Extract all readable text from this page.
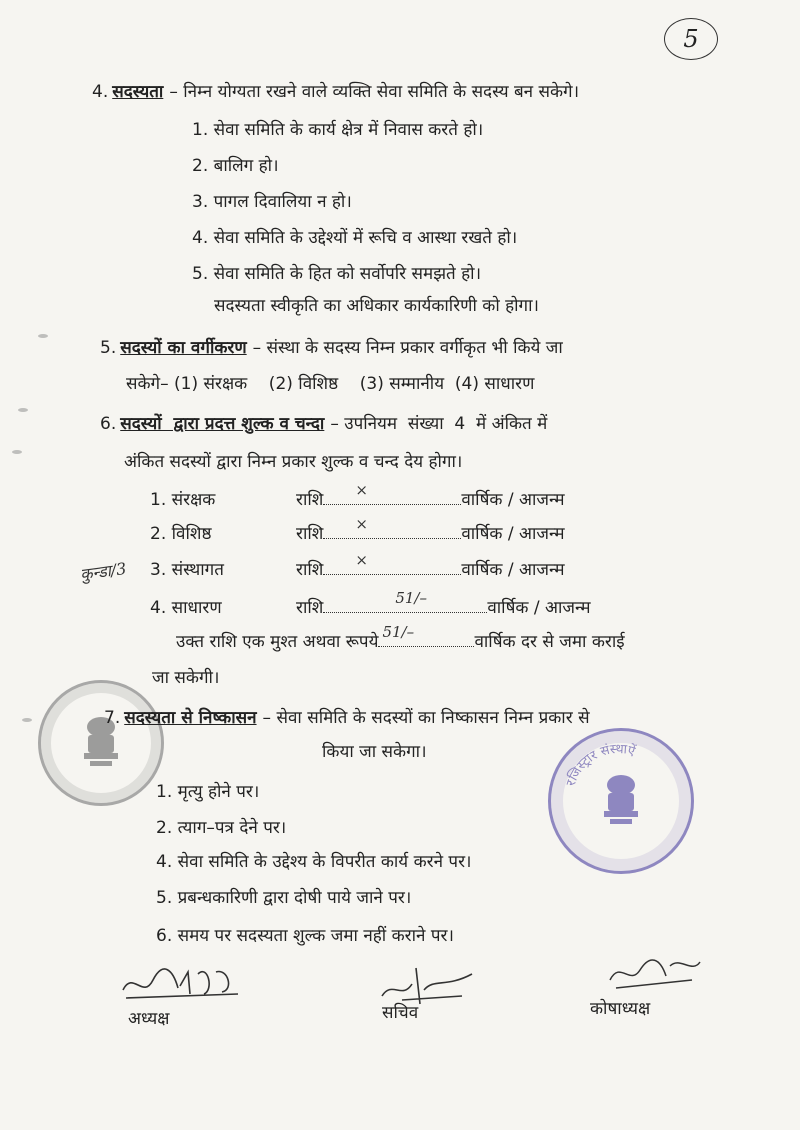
5
4. सदस्यता – निम्न योग्यता रखने वाले व्यक्ति सेवा समिति के सदस्य बन सकेगे।
1. सेवा समिति के कार्य क्षेत्र में निवास करते हो।
2. बालिग हो।
3. पागल दिवालिया न हो।
4. सेवा समिति के उद्देश्यों में रूचि व आस्था रखते हो।
5. सेवा समिति के हित को सर्वोपरि समझते हो।
सदस्यता स्वीकृति का अधिकार कार्यकारिणी को होगा।
5. सदस्यों का वर्गीकरण – संस्था के सदस्य निम्न प्रकार वर्गीकृत भी किये जा
सकेगे– (1) संरक्षक    (2) विशिष्ठ    (3) सम्मानीय  (4) साधारण
6. सदस्यों  द्वारा प्रदत्त शुल्क व चन्दा – उपनियम  संख्या  4  में अंकित में
अंकित सदस्यों द्वारा निम्न प्रकार शुल्क व चन्द देय होगा।
1. संरक्षक	राशि ×	वार्षिक / आजन्म
2. विशिष्ठ	राशि ×	वार्षिक / आजन्म
3. संस्थागत	राशि ×	वार्षिक / आजन्म
कुन्डा/3
4. साधारण	राशि	51/–	वार्षिक / आजन्म
उक्त राशि एक मुश्त अथवा रूपये 51/–	वार्षिक दर से जमा कराई
जा सकेगी।
7. सदस्यता से निष्कासन – सेवा समिति के सदस्यों का निष्कासन निम्न प्रकार से
किया जा सकेगा।
1. मृत्यु होने पर।
2. त्याग–पत्र देने पर।
4. सेवा समिति के उद्देश्य के विपरीत कार्य करने पर।
5. प्रबन्धकारिणी द्वारा दोषी पाये जाने पर।
6. समय पर सदस्यता शुल्क जमा नहीं कराने पर।
रजिस्ट्रार संस्थाऐं
अध्यक्ष	सचिव	कोषाध्यक्ष
